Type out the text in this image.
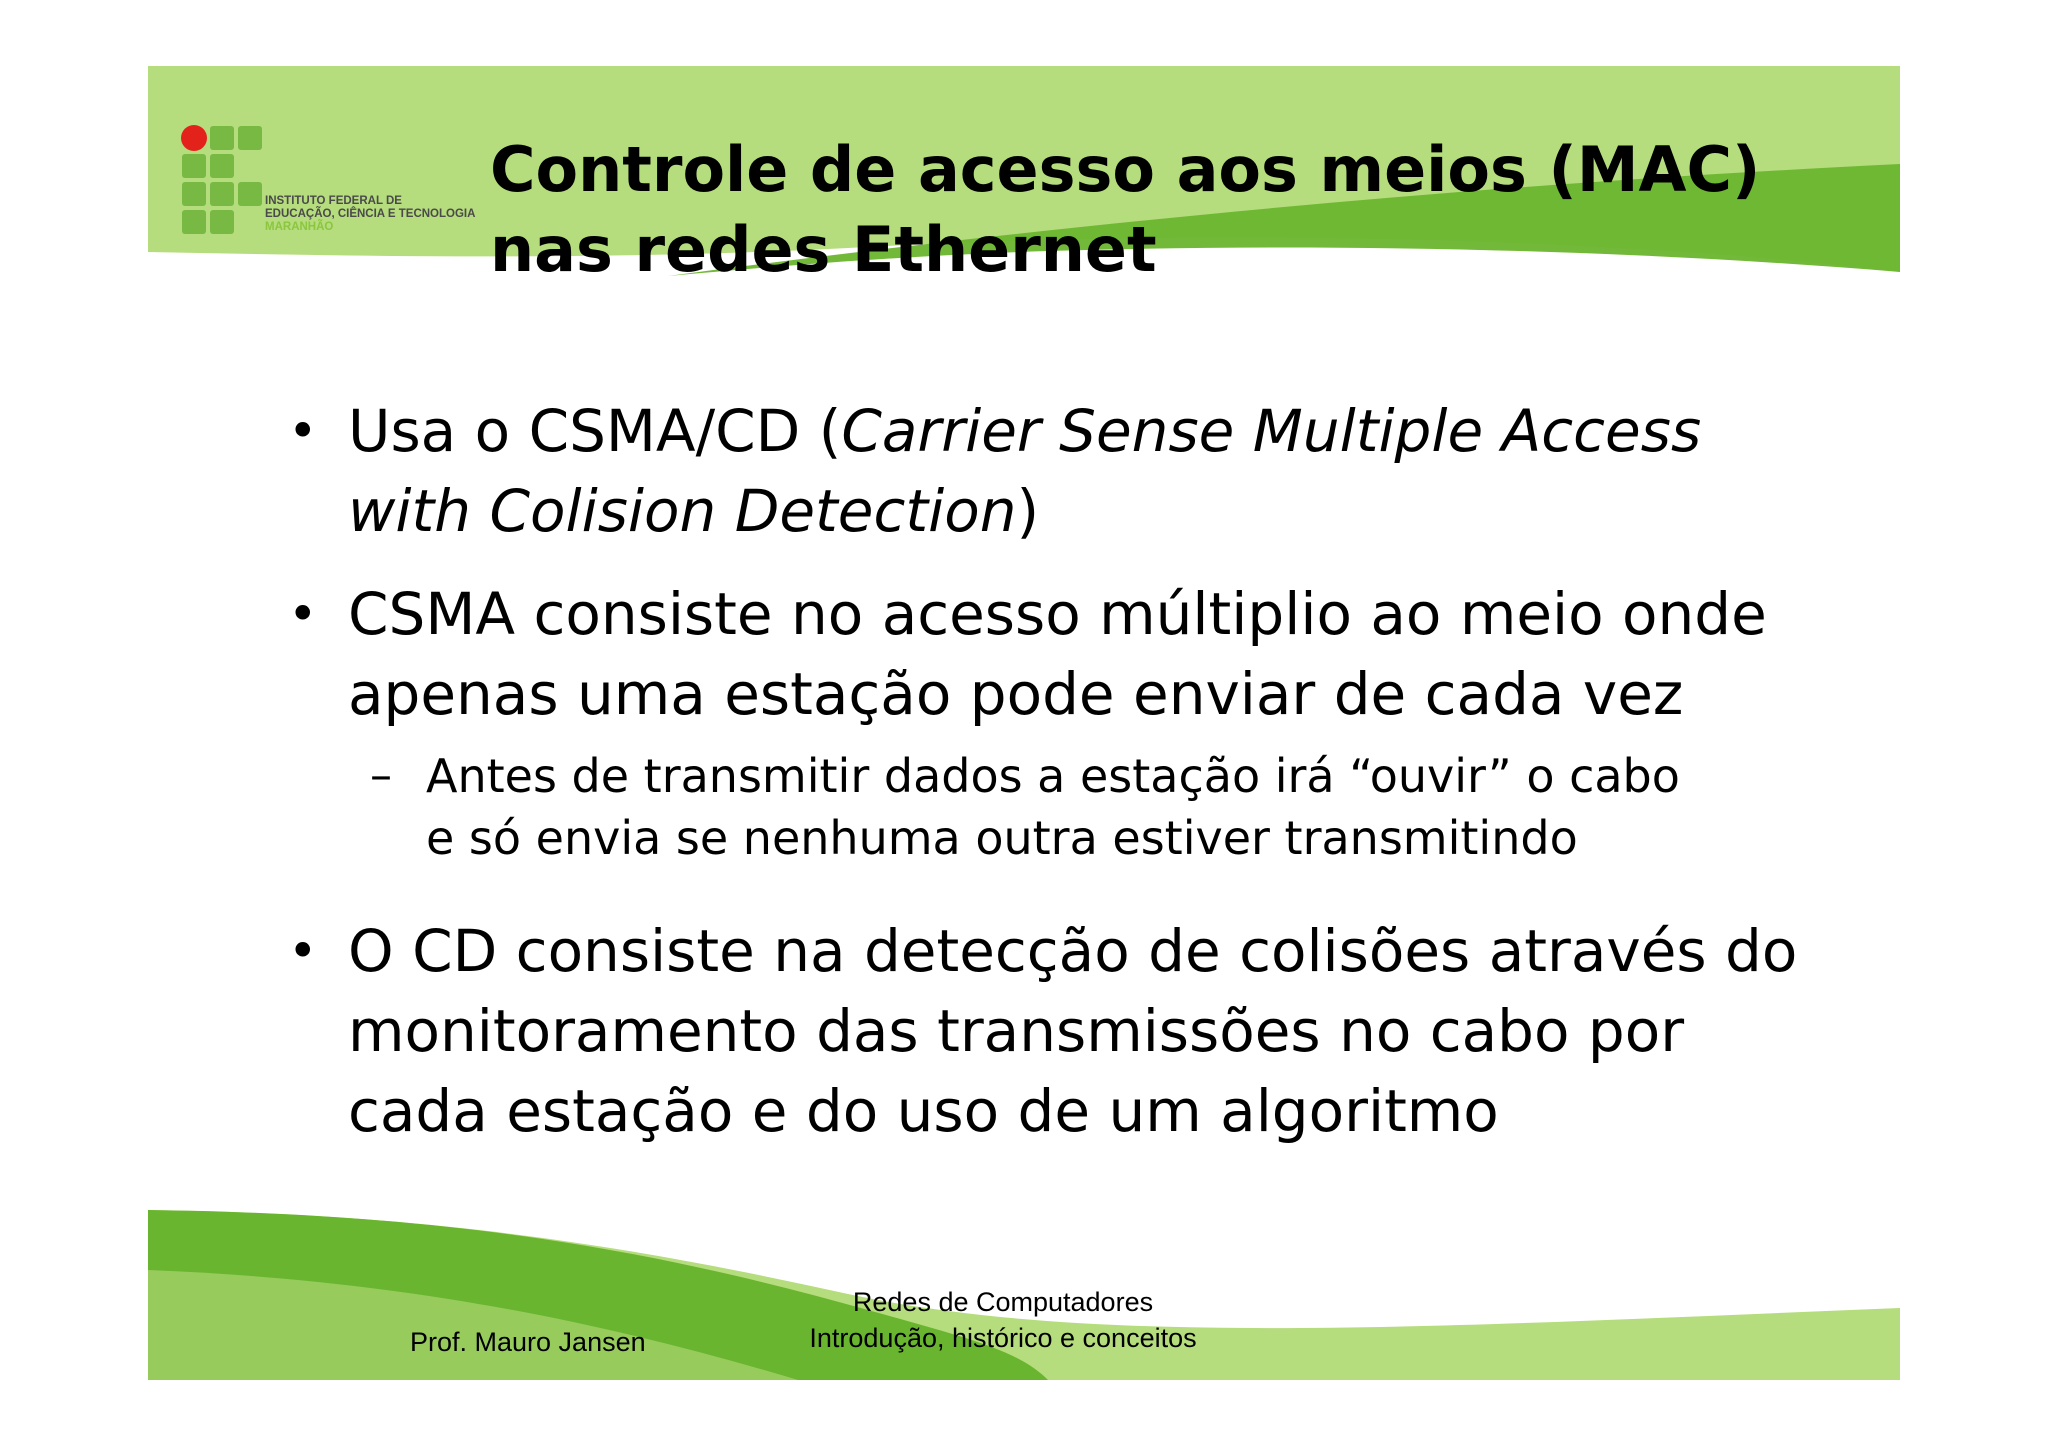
INSTITUTO FEDERAL DE
EDUCAÇÃO, CIÊNCIA E TECNOLOGIA
MARANHÃO
Controle de acesso aos meios (MAC)
nas redes Ethernet
• Usa o CSMA/CD (Carrier Sense Multiple Access
with Colision Detection)
• CSMA consiste no acesso múltiplio ao meio onde
apenas uma estação pode enviar de cada vez
– Antes de transmitir dados a estação irá “ouvir” o cabo
e só envia se nenhuma outra estiver transmitindo
• O CD consiste na detecção de colisões através do
monitoramento das transmissões no cabo por
cada estação e do uso de um algoritmo
Prof. Mauro Jansen
Redes de Computadores
Introdução, histórico e conceitos
